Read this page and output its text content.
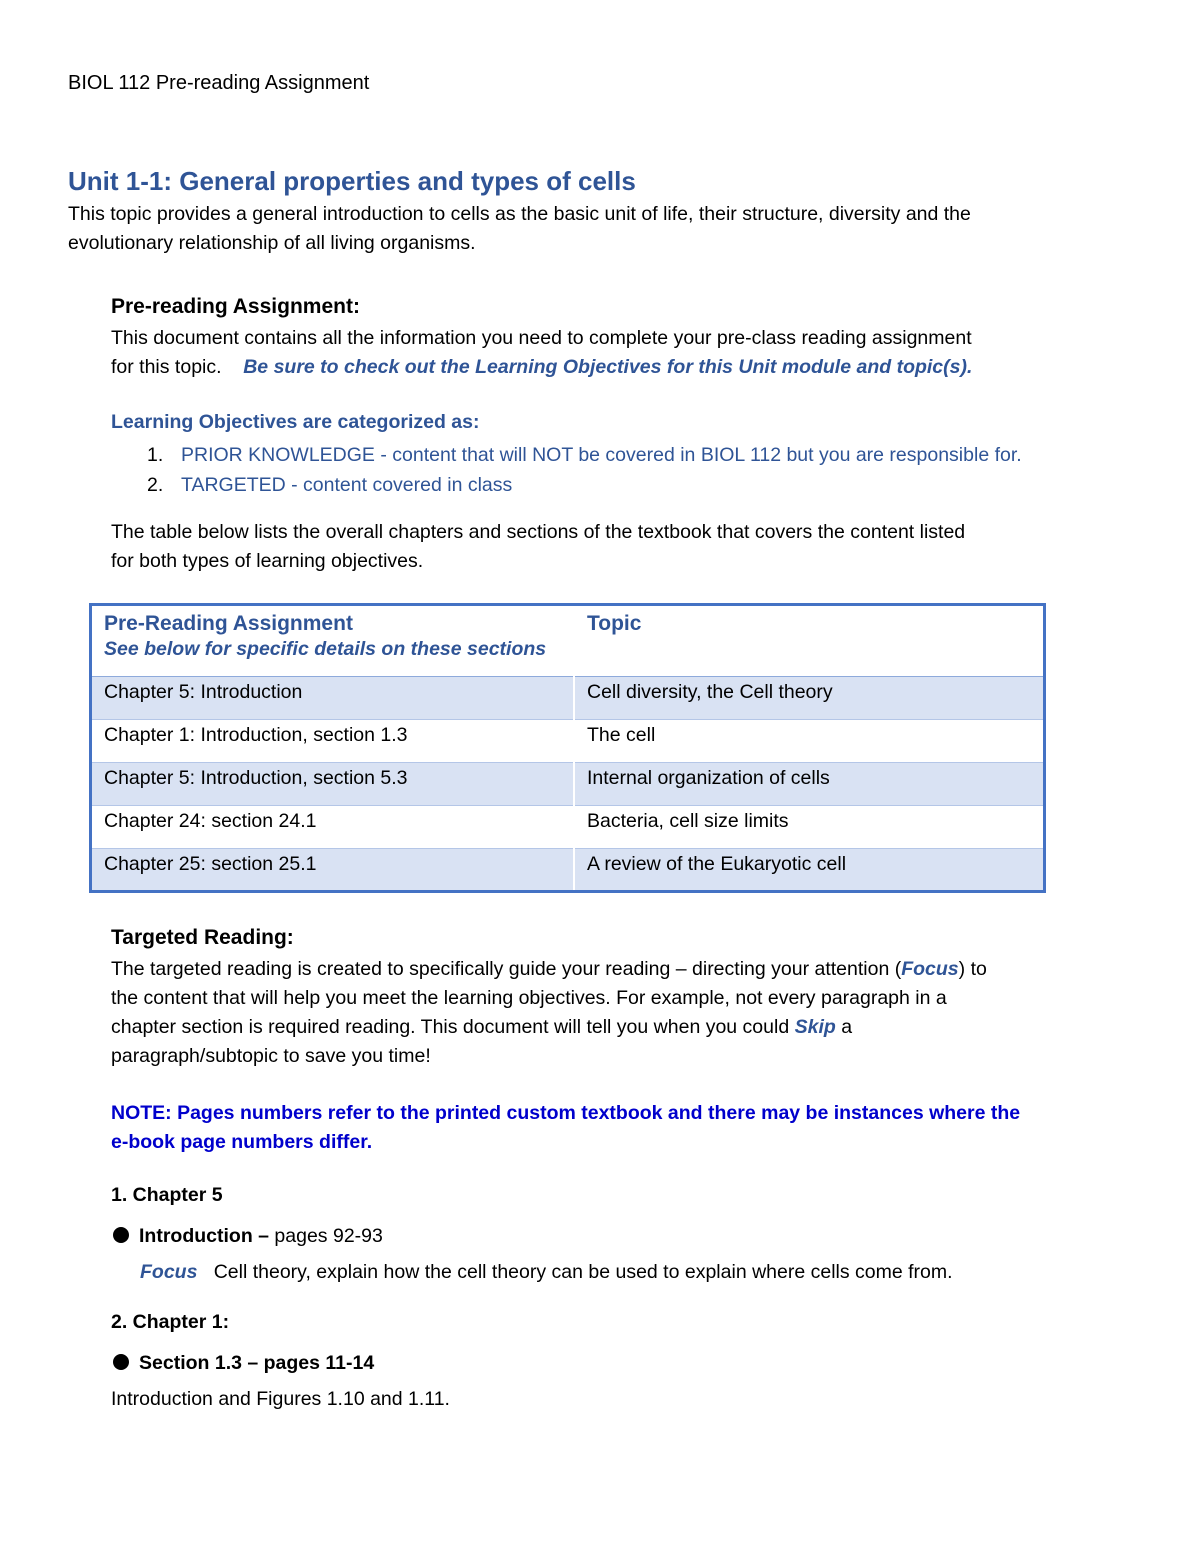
BIOL 112 Pre-reading Assignment
Unit 1-1: General properties and types of cells
This topic provides a general introduction to cells as the basic unit of life, their structure, diversity and the
evolutionary relationship of all living organisms.
Pre-reading Assignment:
This document contains all the information you need to complete your pre-class reading assignment
for this topic. Be sure to check out the Learning Objectives for this Unit module and topic(s).
Learning Objectives are categorized as:
1. PRIOR KNOWLEDGE - content that will NOT be covered in BIOL 112 but you are responsible for.
2. TARGETED - content covered in class
The table below lists the overall chapters and sections of the textbook that covers the content listed
for both types of learning objectives.
Pre-Reading Assignment
See below for specific details on these sections	Topic

Chapter 5: Introduction	Cell diversity, the Cell theory
Chapter 1: Introduction, section 1.3	The cell
Chapter 5: Introduction, section 5.3	Internal organization of cells
Chapter 24: section 24.1	Bacteria, cell size limits
Chapter 25: section 25.1	A review of the Eukaryotic cell
Targeted Reading:
The targeted reading is created to specifically guide your reading – directing your attention (Focus) to
the content that will help you meet the learning objectives. For example, not every paragraph in a
chapter section is required reading. This document will tell you when you could Skip a
paragraph/subtopic to save you time!
NOTE: Pages numbers refer to the printed custom textbook and there may be instances where the
e-book page numbers differ.
1. Chapter 5
Introduction – pages 92-93
Focus Cell theory, explain how the cell theory can be used to explain where cells come from.
2. Chapter 1:
Section 1.3 – pages 11-14
Introduction and Figures 1.10 and 1.11.
